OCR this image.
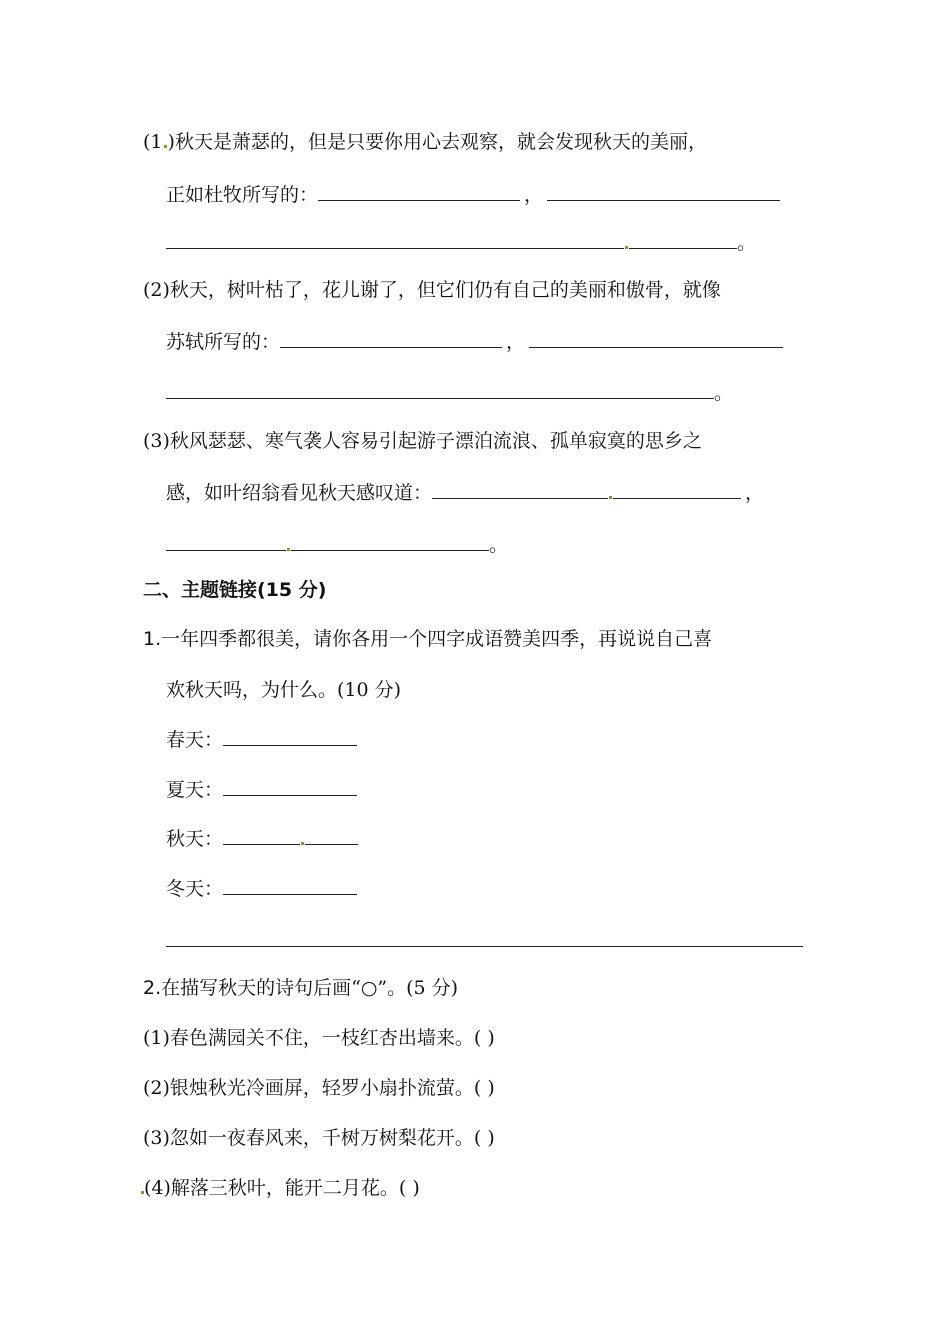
(1 )秋天是萧瑟的，但是只要你用心去观察，就会发现秋天的美丽，
正如杜牧所写的：	，
。
(2)秋天，树叶枯了，花儿谢了，但它们仍有自己的美丽和傲骨，就像
苏轼所写的：	，
。
(3)秋风瑟瑟、寒气袭人容易引起游子漂泊流浪、孤单寂寞的思乡之
感，如叶绍翁看见秋天感叹道：	，
。
二、主题链接(15 分)
1.一年四季都很美，请你各用一个四字成语赞美四季，再说说自己喜
欢秋天吗，为什么。(10 分)
春天：
夏天：
秋天：
冬天：
2.在描写秋天的诗句后画“○”。(5 分)
(1)春色满园关不住，一枝红杏出墙来。( )
(2)银烛秋光冷画屏，轻罗小扇扑流萤。( )
(3)忽如一夜春风来，千树万树梨花开。( )
(4)解落三秋叶，能开二月花。( )
